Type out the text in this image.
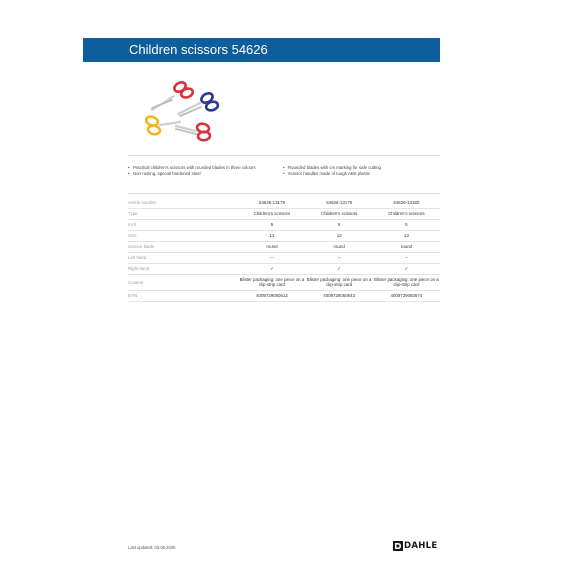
Children scissors 54626
• Practical children's scissors with rounded blades in three colours
• Non-rusting, special hardened steel
• Rounded blades with cm marking for safe cutting
• Scissor handles made of tough ABS plastic
Article number	54626-13178	54626-13179	54626-13180
Type	Children's scissors	Children's scissors	Children's scissors
Inch	5	5	5
Size	13	13	13
Scissor blade	round	round	round
Left hand	–	–	–
Right hand	✓	✓	✓
Content	Blister packaging: one piece on a clip-strip card	Blister packaging: one piece on a clip-strip card	Blister packaging: one piece on a clip-strip card
EAN	4009729060612	4009729060643	4009729060674
Last updated: 03.06.2025	DAHLE
